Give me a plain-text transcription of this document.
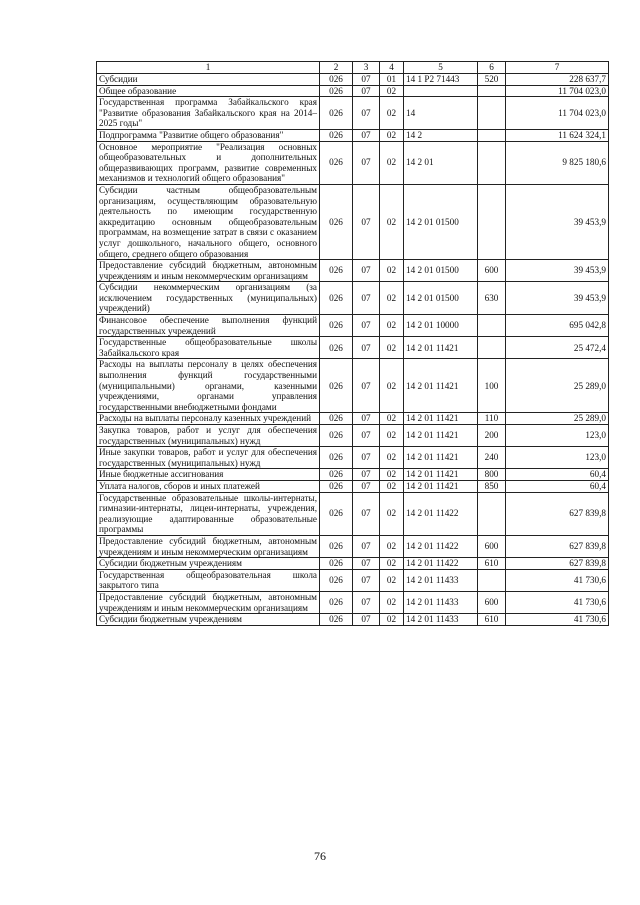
1	2	3	4	5	6	7
Субсидии	026	07	01	14 1 P2 71443	520	228 637,7
Общее образование	026	07	02			11 704 023,0
Государственная программа Забайкальского края "Развитие образования Забайкальского края на 2014–2025 годы"	026	07	02	14		11 704 023,0
Подпрограмма "Развитие общего образования"	026	07	02	14 2		11 624 324,1
Основное мероприятие "Реализация основных общеобразовательных и дополнительных общеразвивающих программ, развитие современных механизмов и технологий общего образования"	026	07	02	14 2 01		9 825 180,6
Субсидии частным общеобразовательным организациям, осуществляющим образовательную деятельность по имеющим государственную аккредитацию основным общеобразовательным программам, на возмещение затрат в связи с оказанием услуг дошкольного, начального общего, основного общего, среднего общего образования	026	07	02	14 2 01 01500		39 453,9
Предоставление субсидий бюджетным, автономным учреждениям и иным некоммерческим организациям	026	07	02	14 2 01 01500	600	39 453,9
Субсидии некоммерческим организациям (за исключением государственных (муниципальных) учреждений)	026	07	02	14 2 01 01500	630	39 453,9
Финансовое обеспечение выполнения функций государственных учреждений	026	07	02	14 2 01 10000		695 042,8
Государственные общеобразовательные школы Забайкальского края	026	07	02	14 2 01 11421		25 472,4
Расходы на выплаты персоналу в целях обеспечения выполнения функций государственными (муниципальными) органами, казенными учреждениями, органами управления государственными внебюджетными фондами	026	07	02	14 2 01 11421	100	25 289,0
Расходы на выплаты персоналу казенных учреждений	026	07	02	14 2 01 11421	110	25 289,0
Закупка товаров, работ и услуг для обеспечения государственных (муниципальных) нужд	026	07	02	14 2 01 11421	200	123,0
Иные закупки товаров, работ и услуг для обеспечения государственных (муниципальных) нужд	026	07	02	14 2 01 11421	240	123,0
Иные бюджетные ассигнования	026	07	02	14 2 01 11421	800	60,4
Уплата налогов, сборов и иных платежей	026	07	02	14 2 01 11421	850	60,4
Государственные образовательные школы-интернаты, гимназии-интернаты, лицеи-интернаты, учреждения, реализующие адаптированные образовательные программы	026	07	02	14 2 01 11422		627 839,8
Предоставление субсидий бюджетным, автономным учреждениям и иным некоммерческим организациям	026	07	02	14 2 01 11422	600	627 839,8
Субсидии бюджетным учреждениям	026	07	02	14 2 01 11422	610	627 839,8
Государственная общеобразовательная школа закрытого типа	026	07	02	14 2 01 11433		41 730,6
Предоставление субсидий бюджетным, автономным учреждениям и иным некоммерческим организациям	026	07	02	14 2 01 11433	600	41 730,6
Субсидии бюджетным учреждениям	026	07	02	14 2 01 11433	610	41 730,6
76
